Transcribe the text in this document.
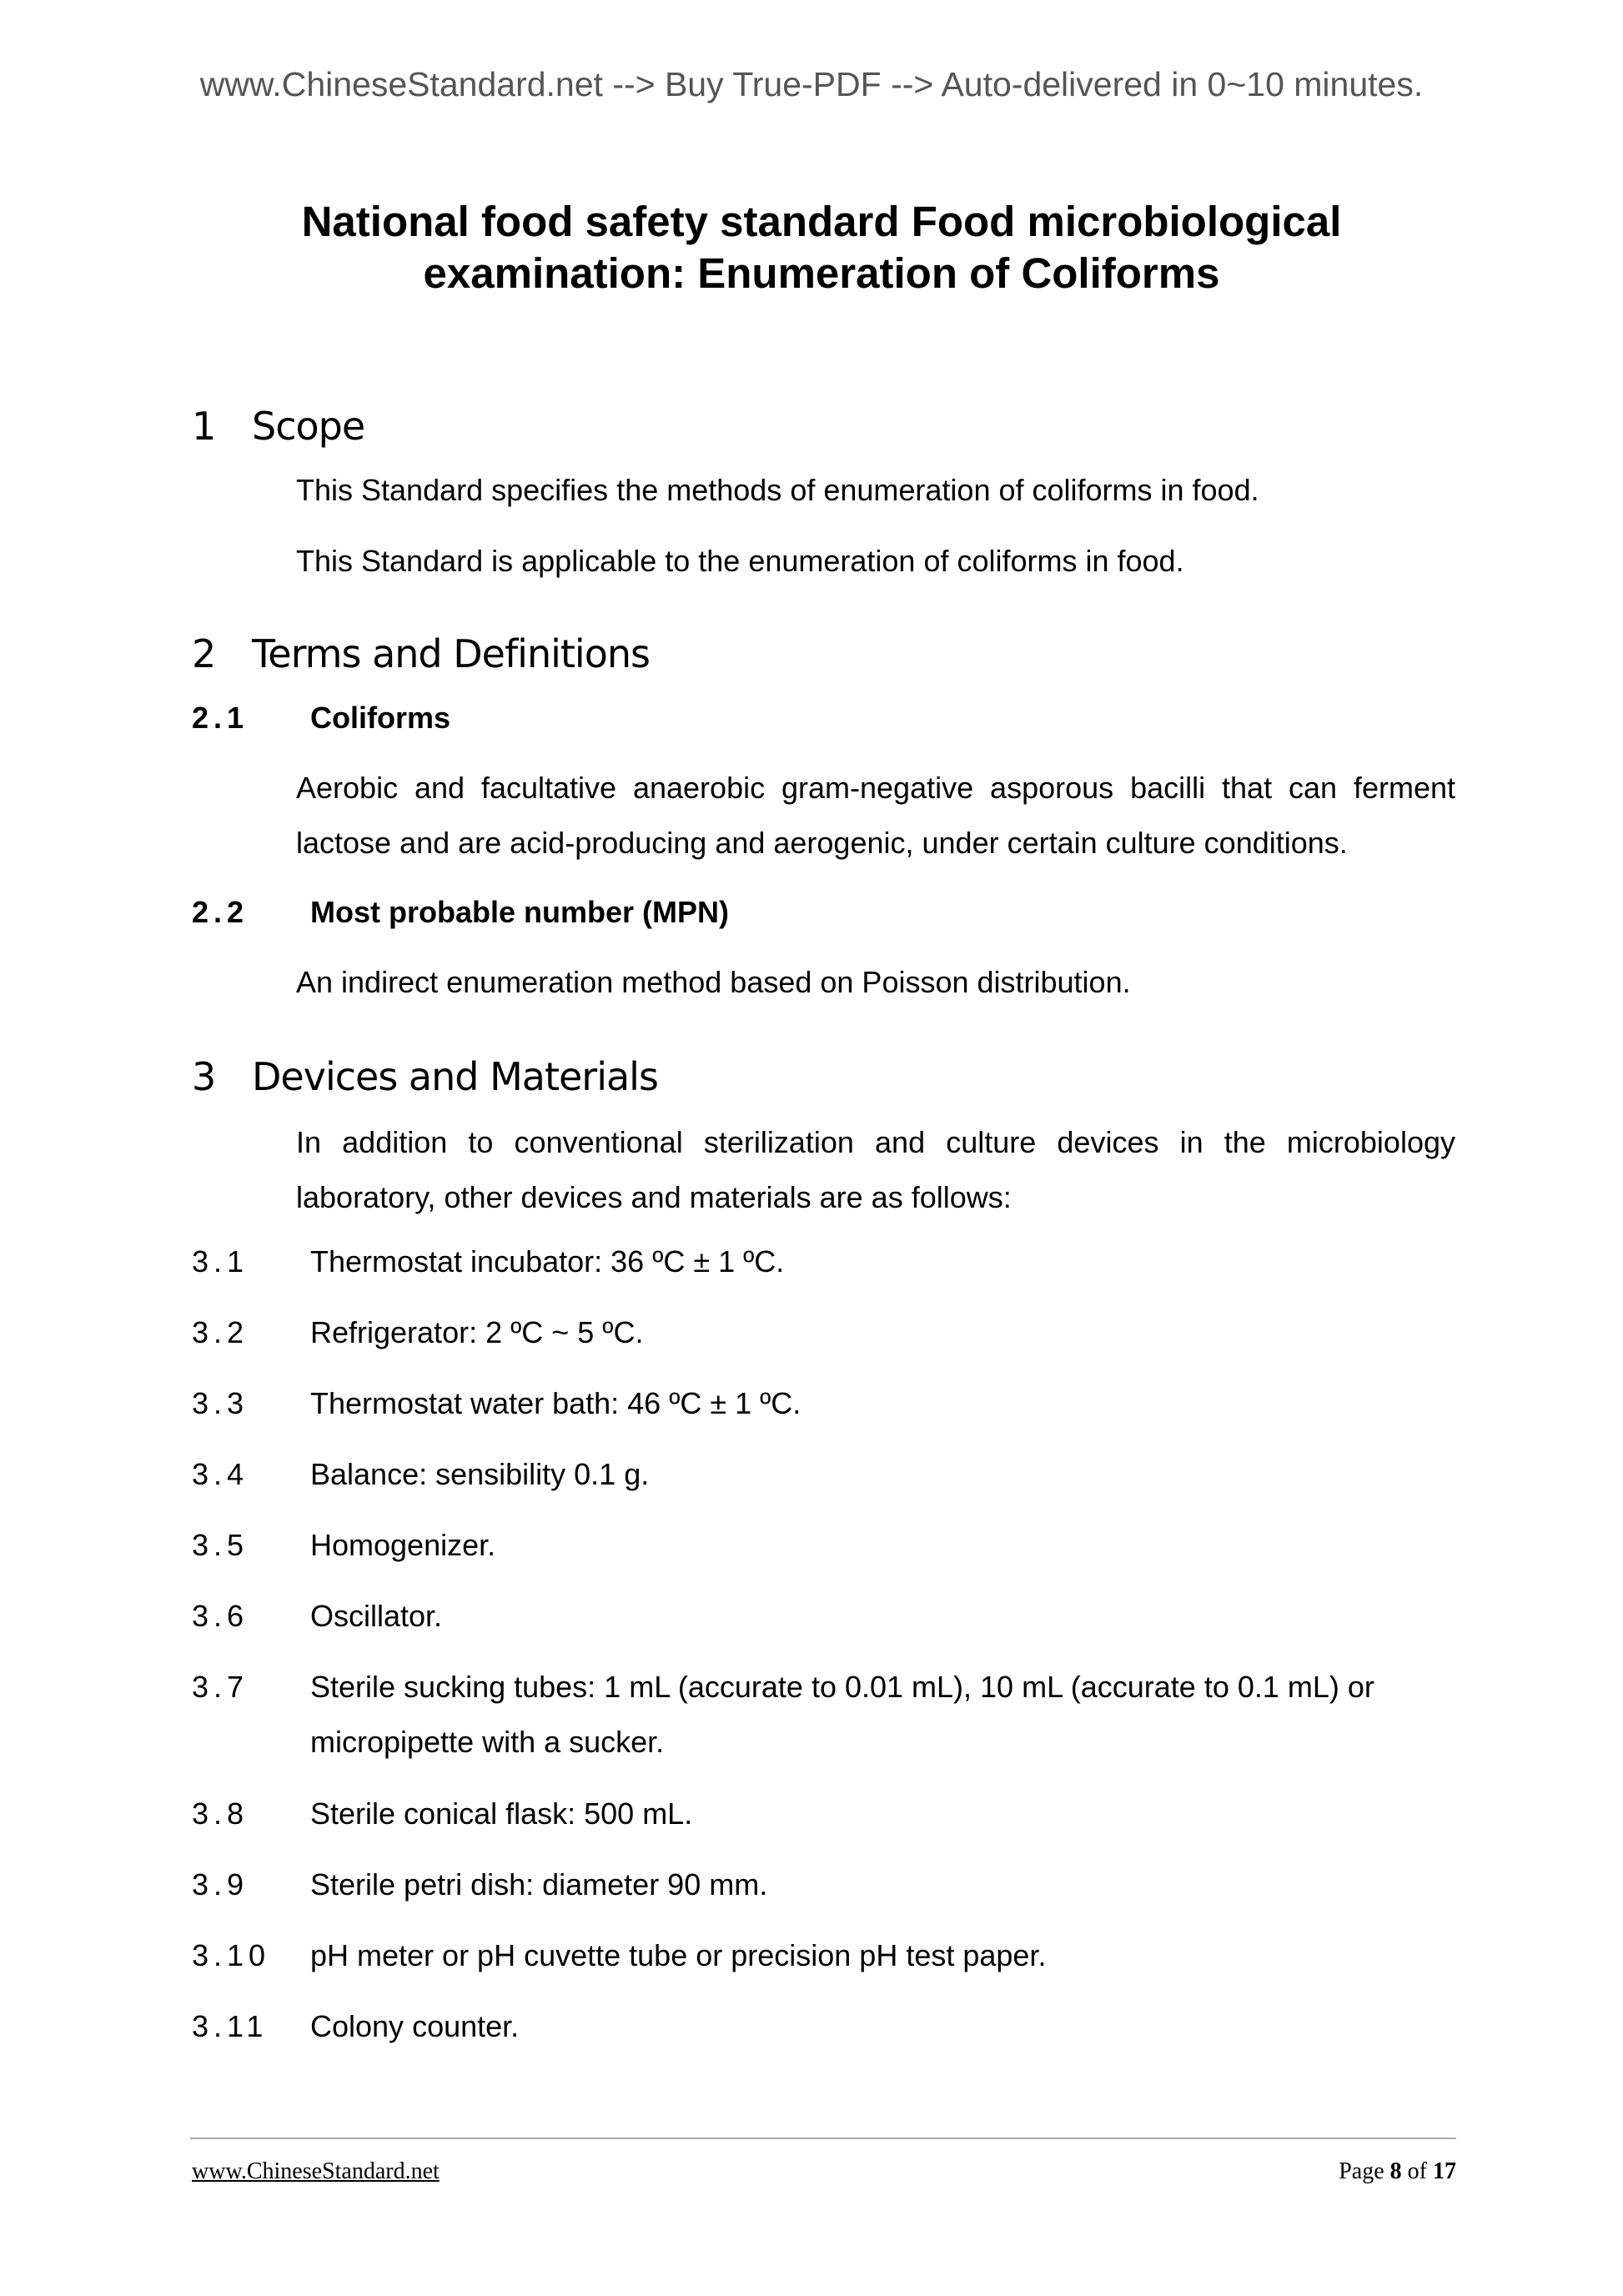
www.ChineseStandard.net --> Buy True-PDF --> Auto-delivered in 0~10 minutes.
National food safety standard Food microbiological
examination: Enumeration of Coliforms
1 Scope
This Standard specifies the methods of enumeration of coliforms in food.
This Standard is applicable to the enumeration of coliforms in food.
2 Terms and Definitions
2.1 Coliforms
Aerobic and facultative anaerobic gram-negative asporous bacilli that can ferment lactose and are acid-producing and aerogenic, under certain culture conditions.
2.2 Most probable number (MPN)
An indirect enumeration method based on Poisson distribution.
3 Devices and Materials
In addition to conventional sterilization and culture devices in the microbiology laboratory, other devices and materials are as follows:
3.1 Thermostat incubator: 36 ºC ± 1 ºC.
3.2 Refrigerator: 2 ºC ~ 5 ºC.
3.3 Thermostat water bath: 46 ºC ± 1 ºC.
3.4 Balance: sensibility 0.1 g.
3.5 Homogenizer.
3.6 Oscillator.
3.7 Sterile sucking tubes: 1 mL (accurate to 0.01 mL), 10 mL (accurate to 0.1 mL) or micropipette with a sucker.
3.8 Sterile conical flask: 500 mL.
3.9 Sterile petri dish: diameter 90 mm.
3.10 pH meter or pH cuvette tube or precision pH test paper.
3.11 Colony counter.
www.ChineseStandard.net	Page 8 of 17
